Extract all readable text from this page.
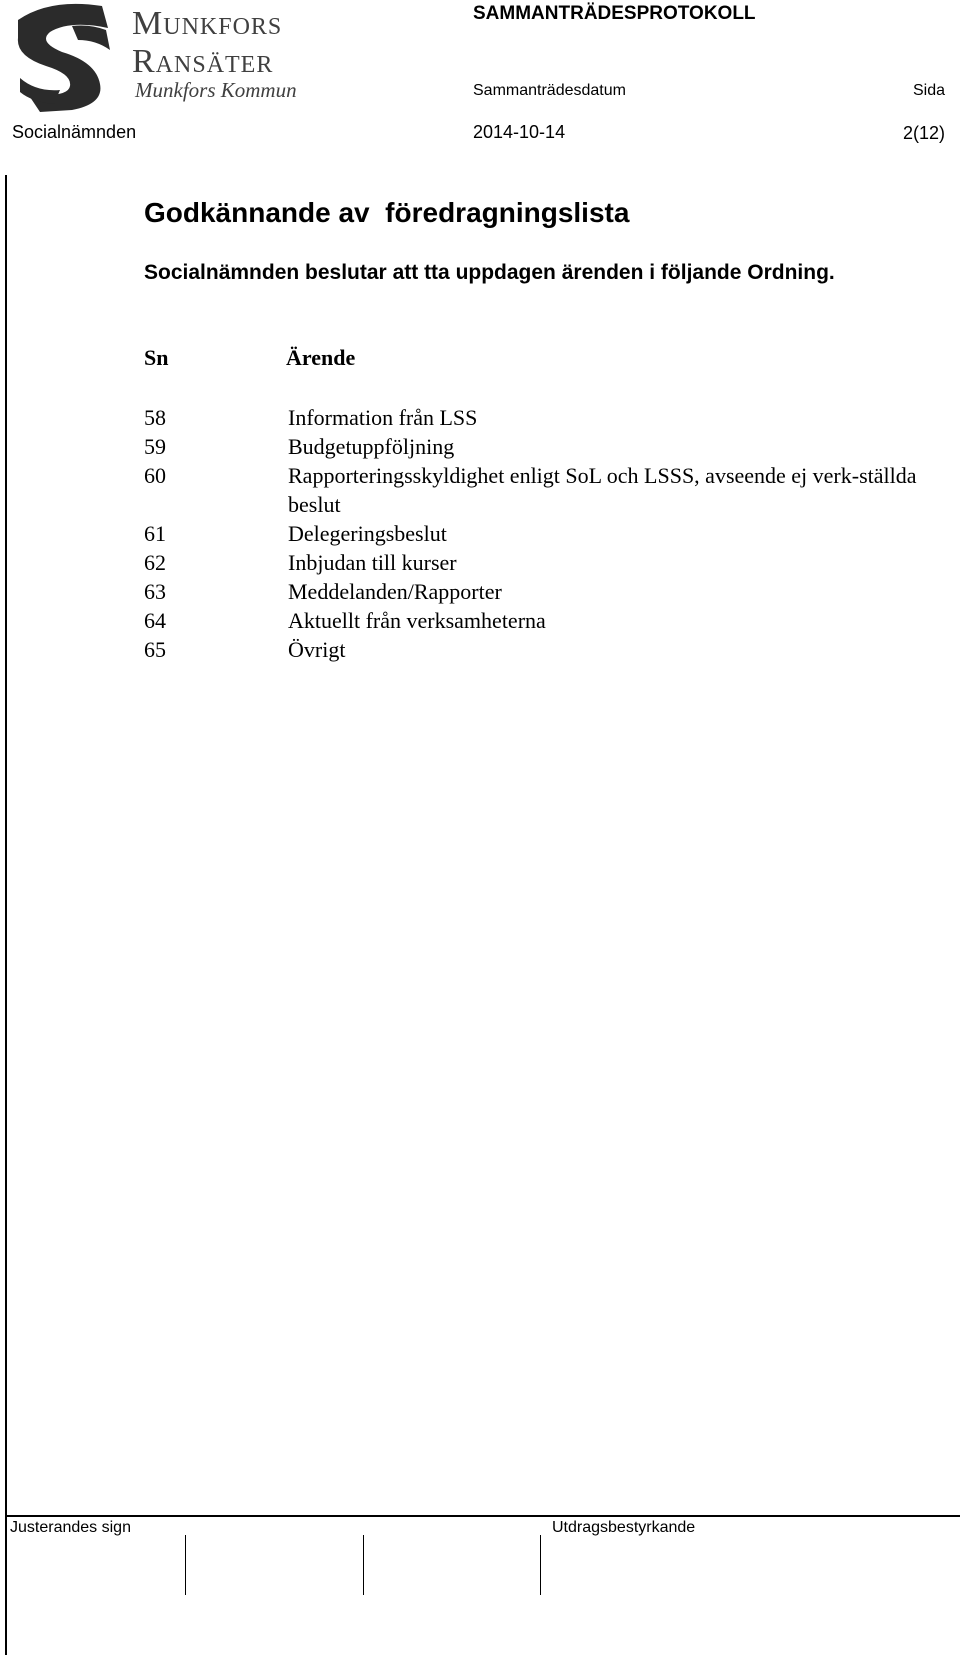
Munkfors
Ransäter
Munkfors Kommun
SAMMANTRÄDESPROTOKOLL
Sammanträdesdatum	Sida
Socialnämnden	2014-10-14	2(12)
Godkännande av  föredragningslista
Socialnämnden beslutar att tta uppdagen ärenden i följande Ordning.
Sn	Ärende
58	Information från LSS
59	Budgetuppföljning
60	Rapporteringsskyldighet enligt SoL och LSSS, avseende ej verk-ställda beslut
61	Delegeringsbeslut
62	Inbjudan till kurser
63	Meddelanden/Rapporter
64	Aktuellt från verksamheterna
65	Övrigt
Justerandes sign	Utdragsbestyrkande
